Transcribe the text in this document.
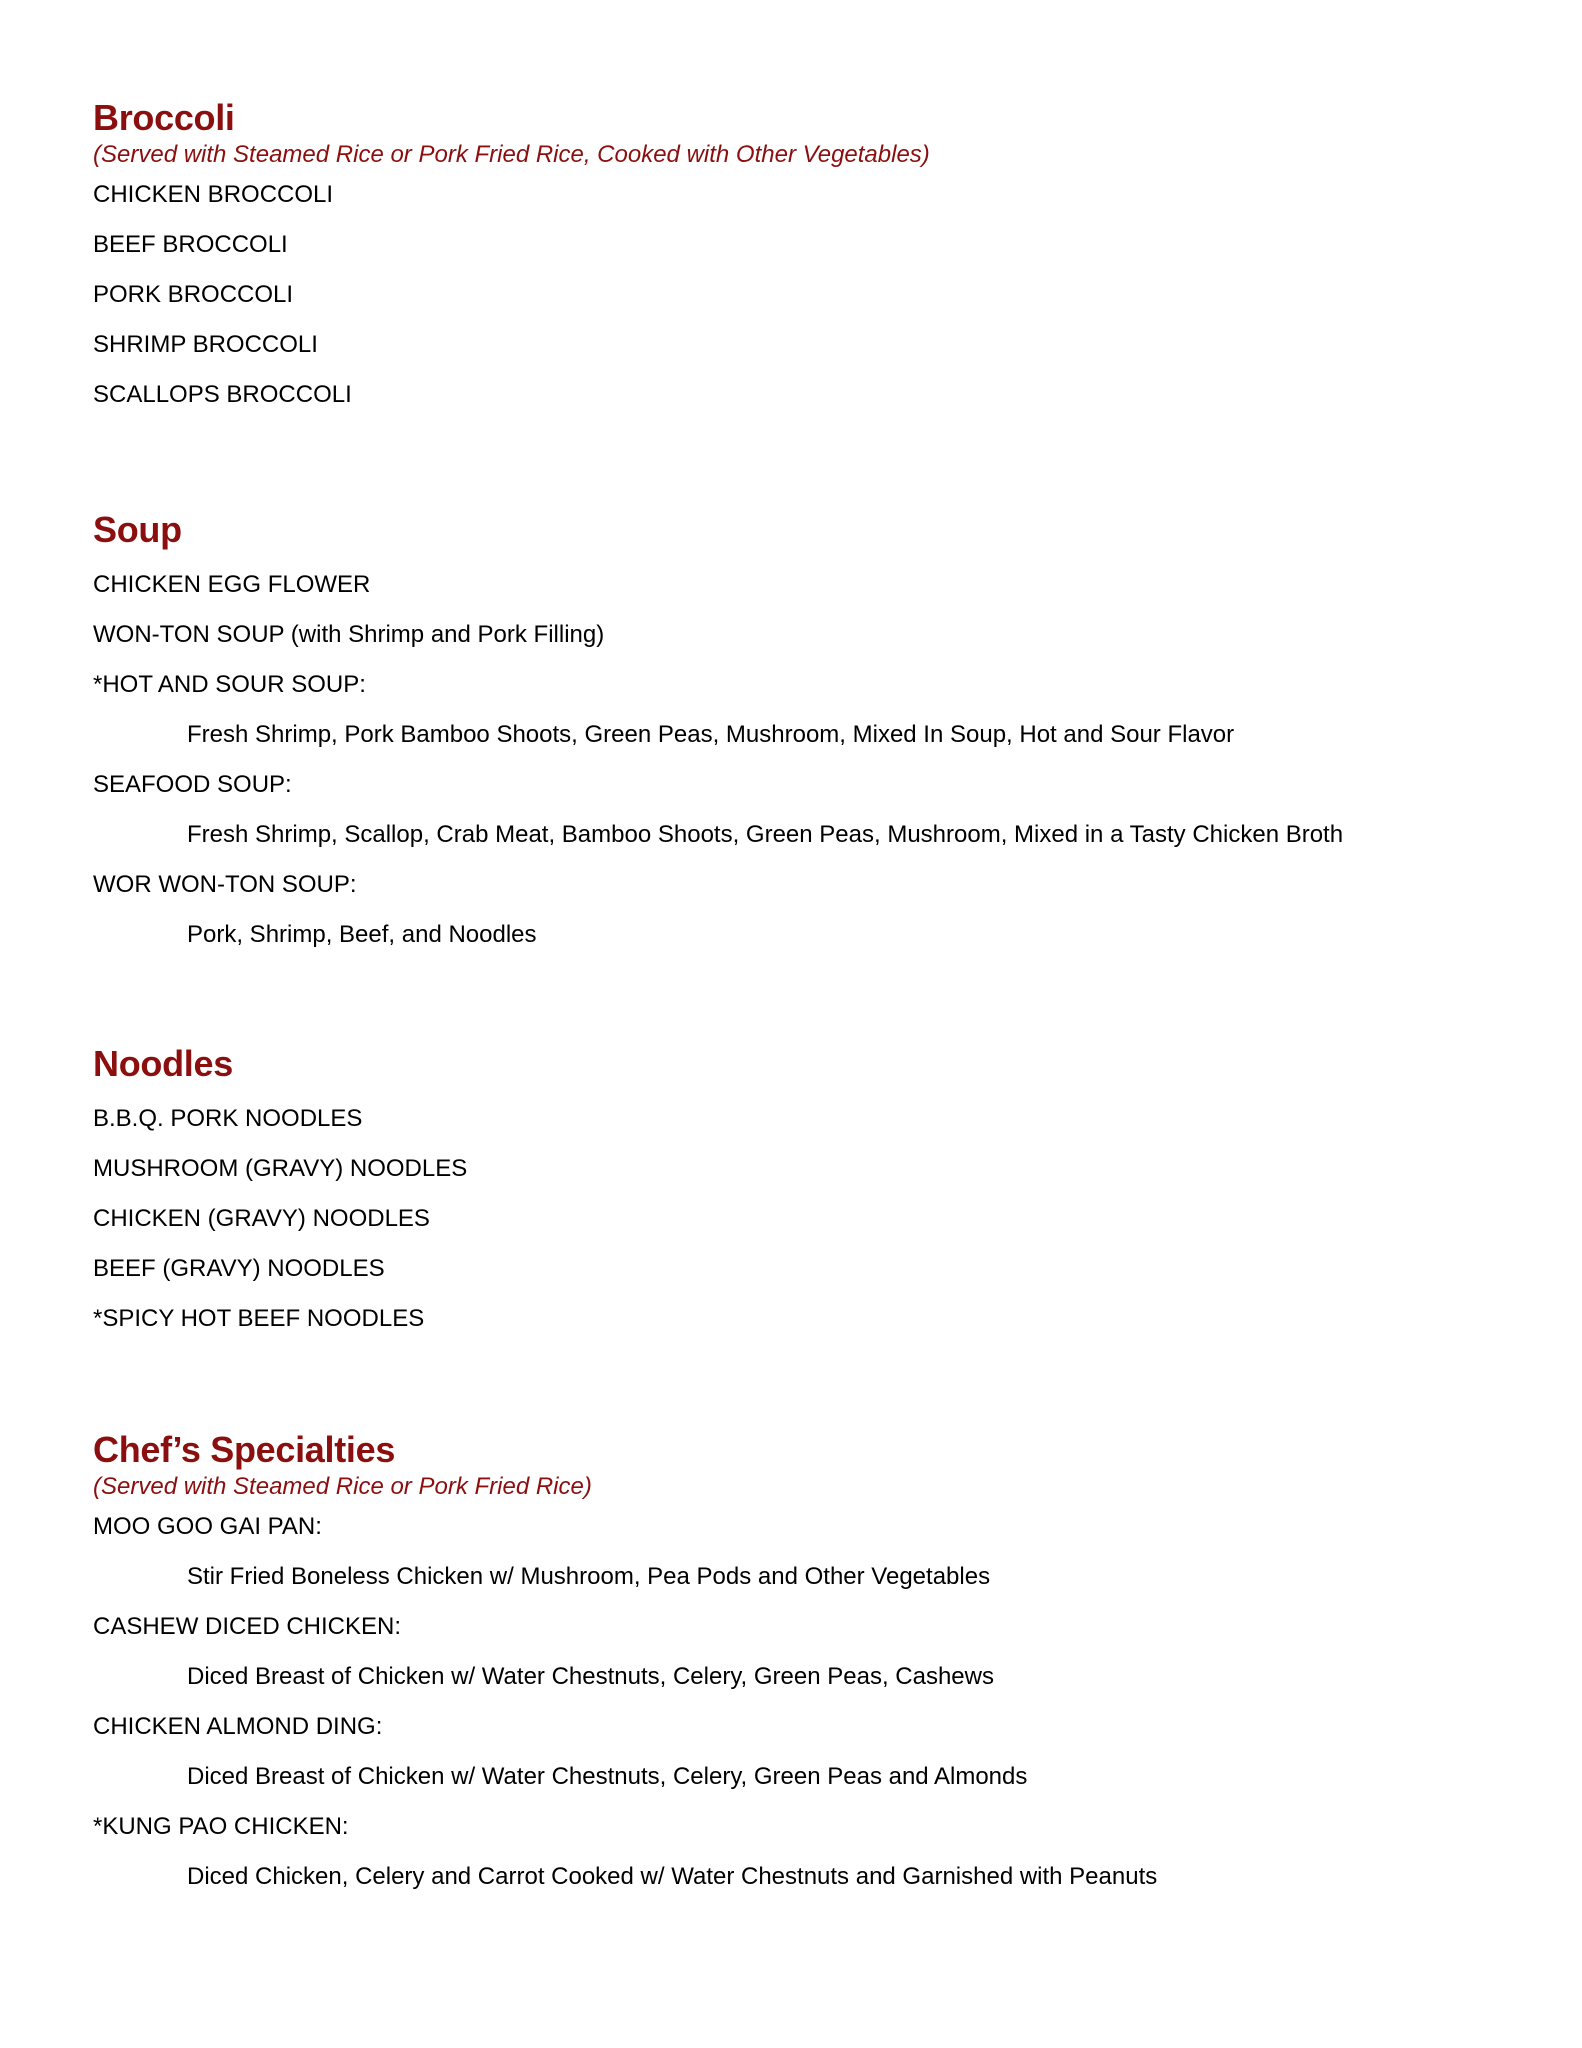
Broccoli

(Served with Steamed Rice or Pork Fried Rice, Cooked with Other Vegetables)

CHICKEN BROCCOLI
BEEF BROCCOLI
PORK BROCCOLI
SHRIMP BROCCOLI
SCALLOPS BROCCOLI
Soup
CHICKEN EGG FLOWER
WON-TON SOUP (with Shrimp and Pork Filling)
*HOT AND SOUR SOUP:
Fresh Shrimp, Pork Bamboo Shoots, Green Peas, Mushroom, Mixed In Soup, Hot and Sour Flavor
SEAFOOD SOUP:
Fresh Shrimp, Scallop, Crab Meat, Bamboo Shoots, Green Peas, Mushroom, Mixed in a Tasty Chicken Broth
WOR WON-TON SOUP:
Pork, Shrimp, Beef, and Noodles
Noodles
B.B.Q. PORK NOODLES
MUSHROOM (GRAVY) NOODLES
CHICKEN (GRAVY) NOODLES
BEEF (GRAVY) NOODLES
*SPICY HOT BEEF NOODLES
Chef’s Specialties

(Served with Steamed Rice or Pork Fried Rice)

MOO GOO GAI PAN:
Stir Fried Boneless Chicken w/ Mushroom, Pea Pods and Other Vegetables
CASHEW DICED CHICKEN:
Diced Breast of Chicken w/ Water Chestnuts, Celery, Green Peas, Cashews
CHICKEN ALMOND DING:
Diced Breast of Chicken w/ Water Chestnuts, Celery, Green Peas and Almonds
*KUNG PAO CHICKEN:
Diced Chicken, Celery and Carrot Cooked w/ Water Chestnuts and Garnished with Peanuts
